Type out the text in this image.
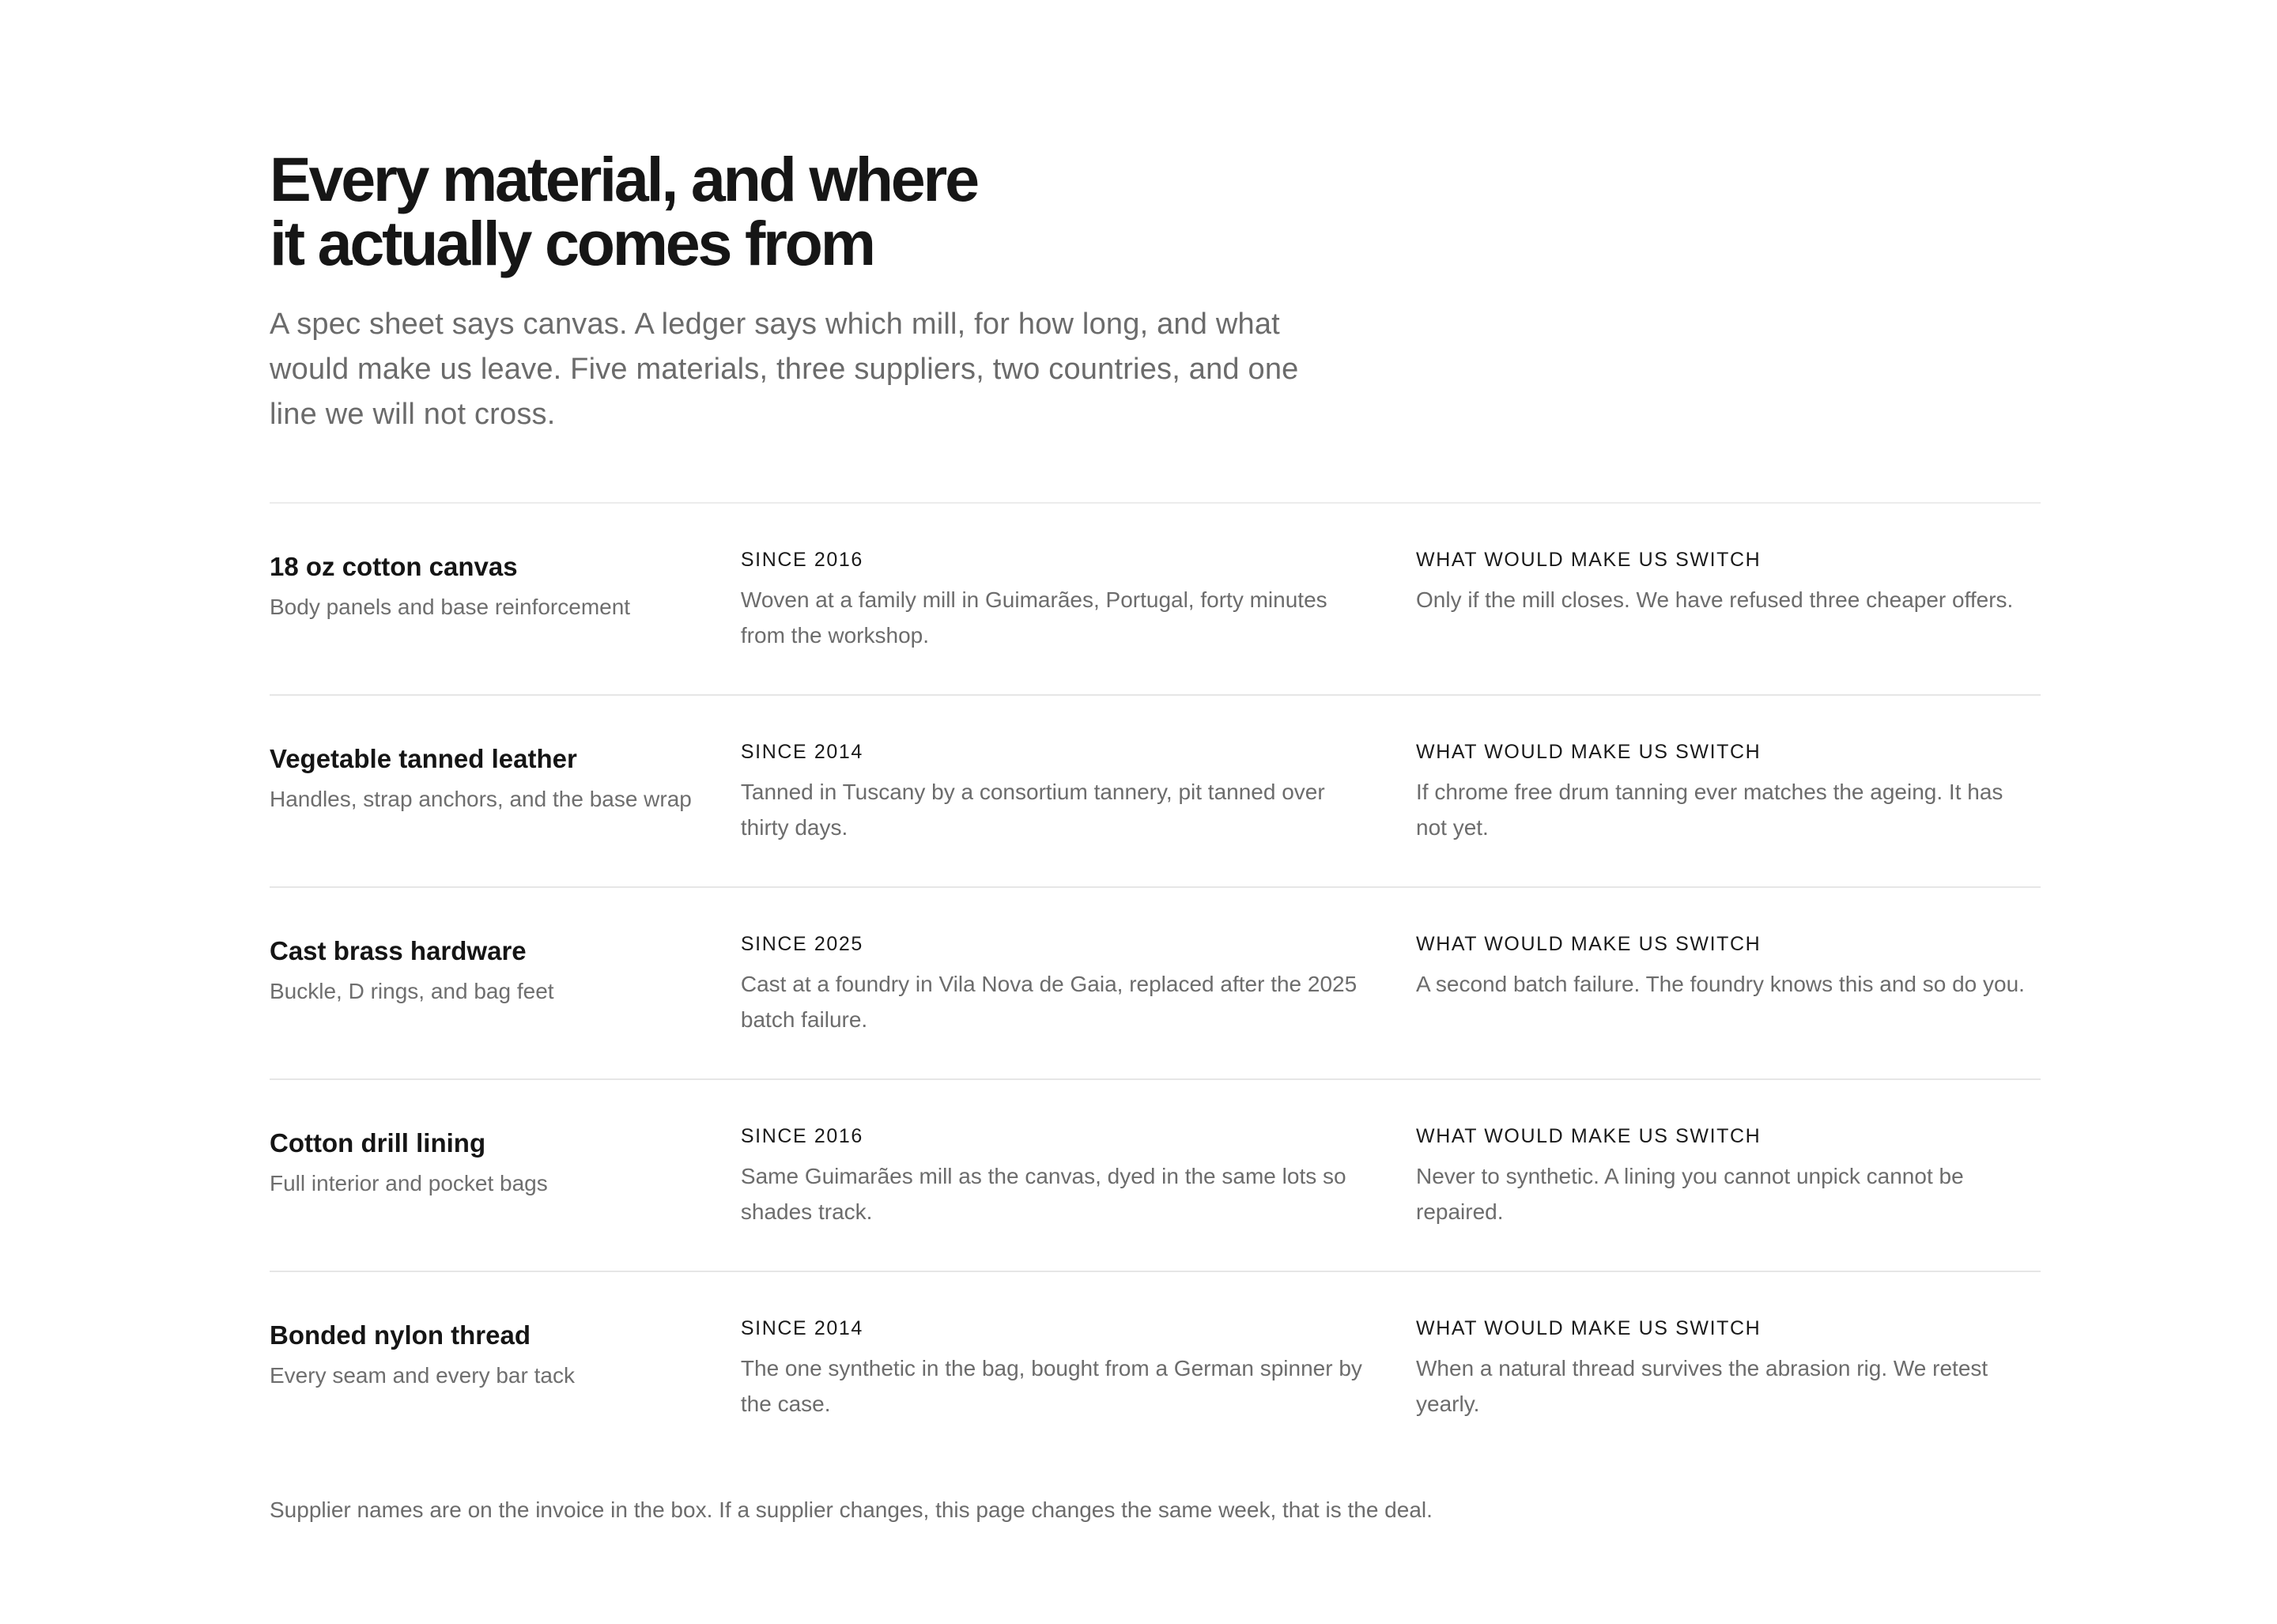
Every material, and where
it actually comes from

A spec sheet says canvas. A ledger says which mill, for how long, and what would make us leave. Five materials, three suppliers, two countries, and one line we will not cross.

18 oz cotton canvas
Body panels and base reinforcement
SINCE 2016
Woven at a family mill in Guimarães, Portugal, forty minutes from the workshop.
WHAT WOULD MAKE US SWITCH
Only if the mill closes. We have refused three cheaper offers.
Vegetable tanned leather
Handles, strap anchors, and the base wrap
SINCE 2014
Tanned in Tuscany by a consortium tannery, pit tanned over thirty days.
WHAT WOULD MAKE US SWITCH
If chrome free drum tanning ever matches the ageing. It has not yet.
Cast brass hardware
Buckle, D rings, and bag feet
SINCE 2025
Cast at a foundry in Vila Nova de Gaia, replaced after the 2025 batch failure.
WHAT WOULD MAKE US SWITCH
A second batch failure. The foundry knows this and so do you.
Cotton drill lining
Full interior and pocket bags
SINCE 2016
Same Guimarães mill as the canvas, dyed in the same lots so shades track.
WHAT WOULD MAKE US SWITCH
Never to synthetic. A lining you cannot unpick cannot be repaired.
Bonded nylon thread
Every seam and every bar tack
SINCE 2014
The one synthetic in the bag, bought from a German spinner by the case.
WHAT WOULD MAKE US SWITCH
When a natural thread survives the abrasion rig. We retest yearly.
Supplier names are on the invoice in the box. If a supplier changes, this page changes the same week, that is the deal.
